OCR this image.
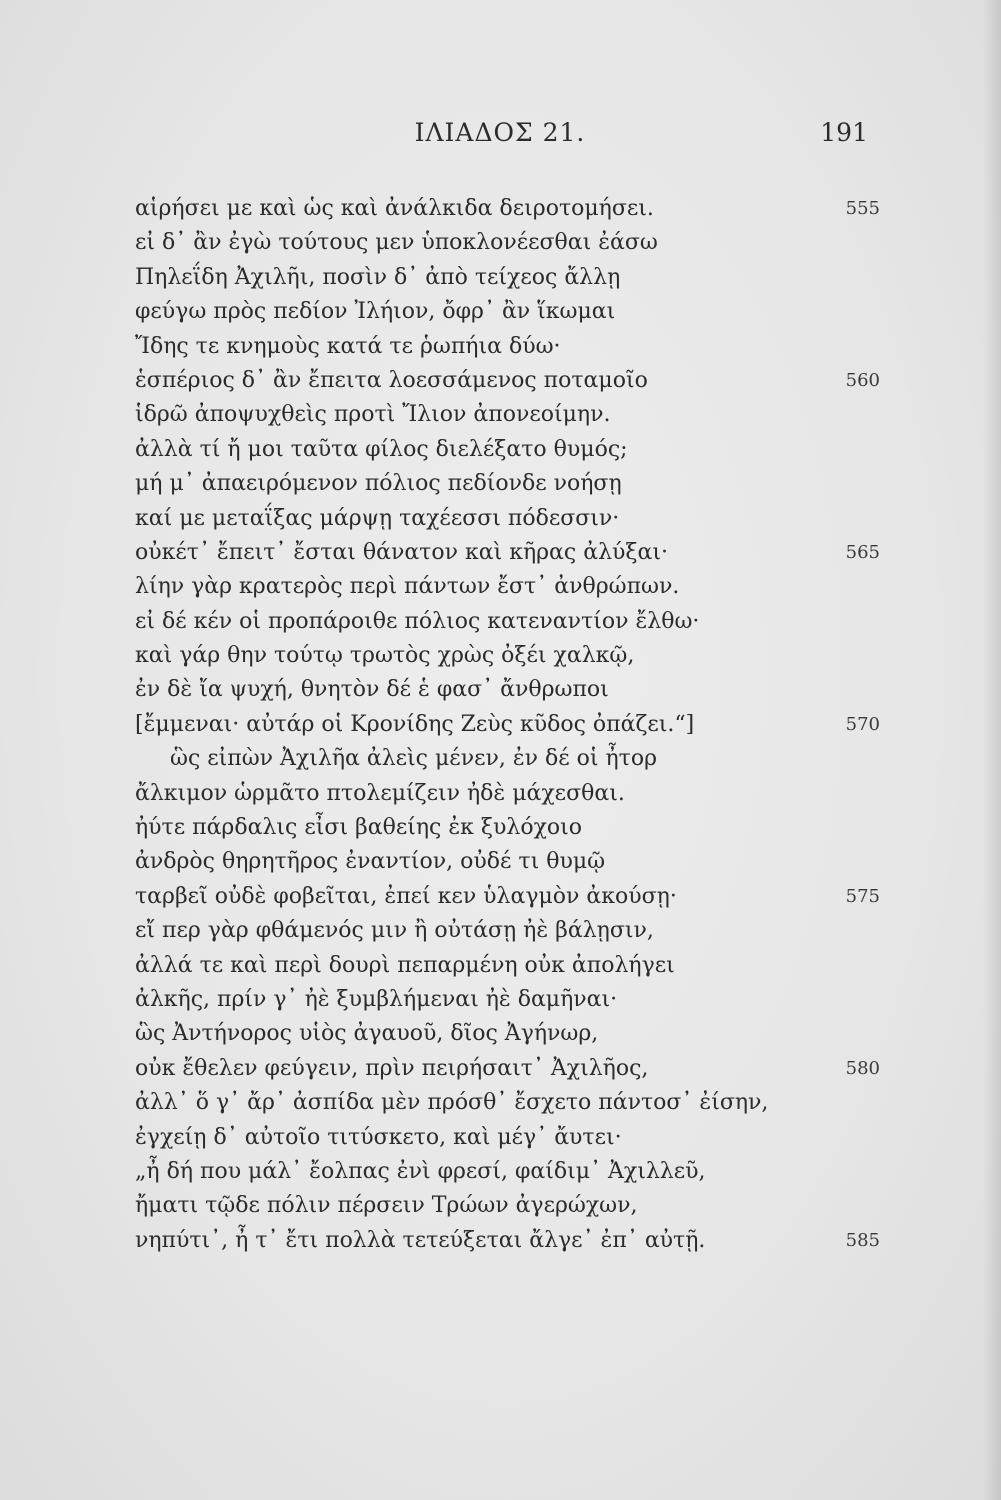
ΙΛΙΑΔΟΣ 21.	191
αἱρήσει με καὶ ὡς καὶ ἀνάλκιδα δειροτομήσει.
εἰ δ᾽ ἂν ἐγὼ τούτους μεν ὑποκλονέεσθαι ἐάσω
Πηλεΐδη Ἀχιλῆι, ποσὶν δ᾽ ἀπὸ τείχεος ἄλλῃ
φεύγω πρὸς πεδίον Ἰλήιον, ὄφρ᾽ ἂν ἵκωμαι
Ἴδης τε κνημοὺς κατά τε ῥωπήια δύω·
ἑσπέριος δ᾽ ἂν ἔπειτα λοεσσάμενος ποταμοῖο
ἱδρῶ ἀποψυχθεὶς προτὶ Ἴλιον ἀπονεοίμην.
ἀλλὰ τί ἤ μοι ταῦτα φίλος διελέξατο θυμός;
μή μ᾽ ἀπαειρόμενον πόλιος πεδίονδε νοήσῃ
καί με μεταΐξας μάρψῃ ταχέεσσι πόδεσσιν·
οὐκέτ᾽ ἔπειτ᾽ ἔσται θάνατον καὶ κῆρας ἀλύξαι·
λίην γὰρ κρατερὸς περὶ πάντων ἔστ᾽ ἀνθρώπων.
εἰ δέ κέν οἱ προπάροιθε πόλιος κατεναντίον ἔλθω·
καὶ γάρ θην τούτῳ τρωτὸς χρὼς ὀξέι χαλκῷ,
ἐν δὲ ἴα ψυχή, θνητὸν δέ ἑ φασ᾽ ἄνθρωποι
[ἔμμεναι· αὐτάρ οἱ Κρονίδης Ζεὺς κῦδος ὀπάζει.“]
ὣς εἰπὼν Ἀχιλῆα ἀλεὶς μένεν, ἐν δέ οἱ ἦτορ
ἄλκιμον ὡρμᾶτο πτολεμίζειν ἠδὲ μάχεσθαι.
ἠύτε πάρδαλις εἶσι βαθείης ἐκ ξυλόχοιο
ἀνδρὸς θηρητῆρος ἐναντίον, οὐδέ τι θυμῷ
ταρβεῖ οὐδὲ φοβεῖται, ἐπεί κεν ὑλαγμὸν ἀκούσῃ·
εἴ περ γὰρ φθάμενός μιν ἢ οὐτάσῃ ἠὲ βάλῃσιν,
ἀλλά τε καὶ περὶ δουρὶ πεπαρμένη οὐκ ἀπολήγει
ἀλκῆς, πρίν γ᾽ ἠὲ ξυμβλήμεναι ἠὲ δαμῆναι·
ὣς Ἀντήνορος υἱὸς ἀγαυοῦ, δῖος Ἀγήνωρ,
οὐκ ἔθελεν φεύγειν, πρὶν πειρήσαιτ᾽ Ἀχιλῆος,
ἀλλ᾽ ὅ γ᾽ ἄρ᾽ ἀσπίδα μὲν πρόσθ᾽ ἔσχετο πάντοσ᾽ ἐίσην,
ἐγχείῃ δ᾽ αὐτοῖο τιτύσκετο, καὶ μέγ᾽ ἄυτει·
„ἦ δή που μάλ᾽ ἔολπας ἐνὶ φρεσί, φαίδιμ᾽ Ἀχιλλεῦ,
ἤματι τῷδε πόλιν πέρσειν Τρώων ἀγερώχων,
νηπύτι᾽, ἦ τ᾽ ἔτι πολλὰ τετεύξεται ἄλγε᾽ ἐπ᾽ αὐτῇ.
555
560
565
570
575
580
585
